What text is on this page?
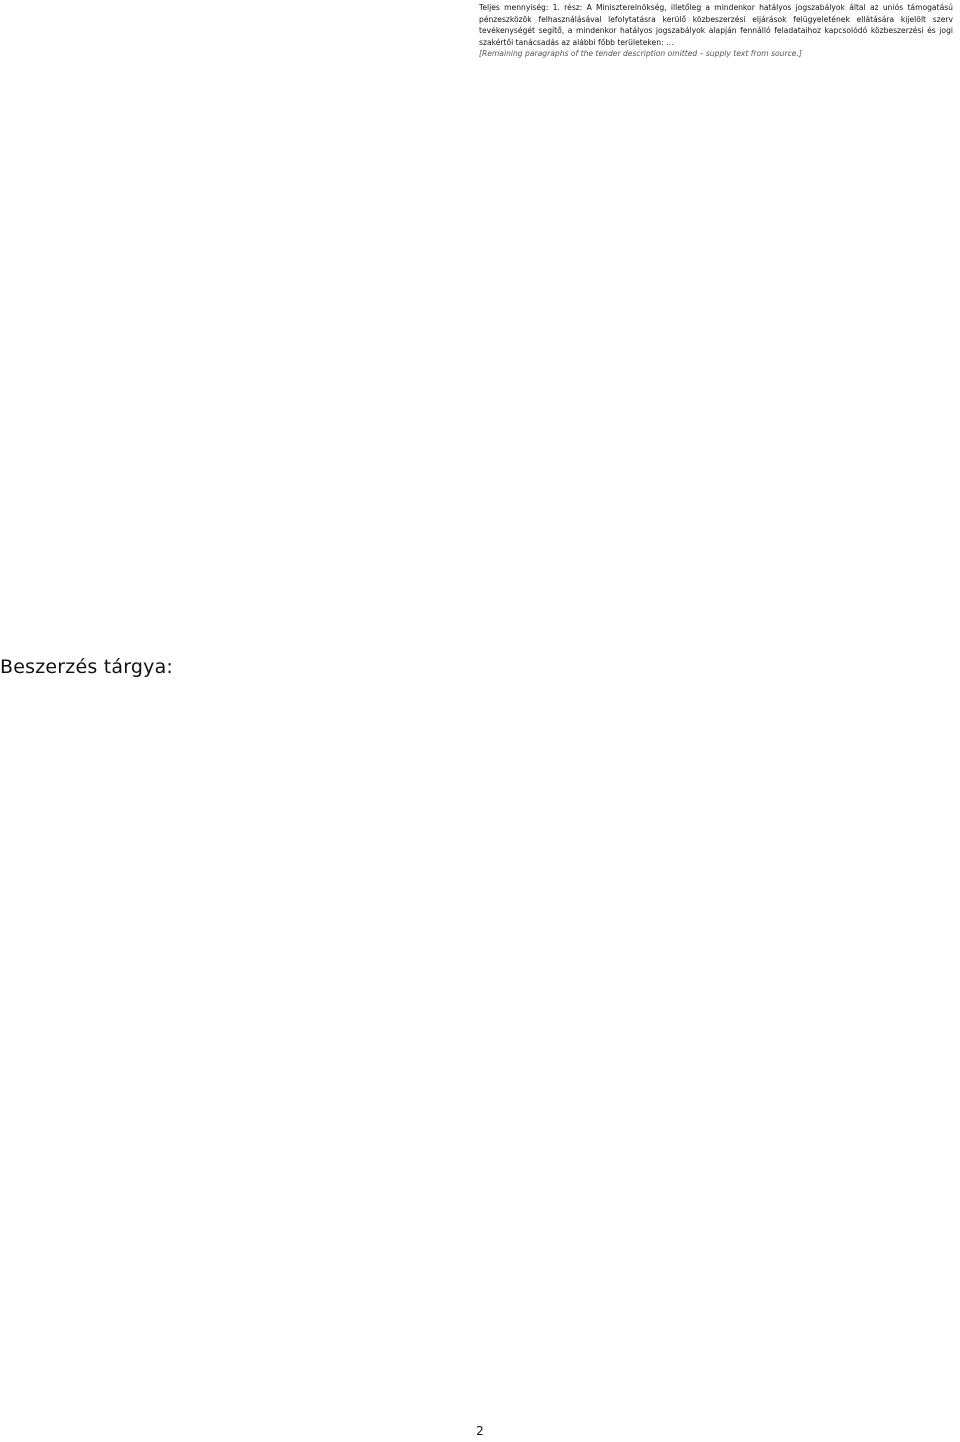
Beszerzés tárgya:

Teljes mennyiség: 1. rész: A Miniszterelnökség, illetőleg a mindenkor hatályos jogszabályok által az uniós támogatású pénzeszközök felhasználásával lefolytatásra kerülő közbeszerzési eljárások felügyeletének ellátására kijelölt szerv tevékenységét segítő, a mindenkor hatályos jogszabályok alapján fennálló feladataihoz kapcsolódó közbeszerzési és jogi szakértői tanácsadás az alábbi főbb területeken: …

[Remaining paragraphs of the tender description omitted – supply text from source.]

2
